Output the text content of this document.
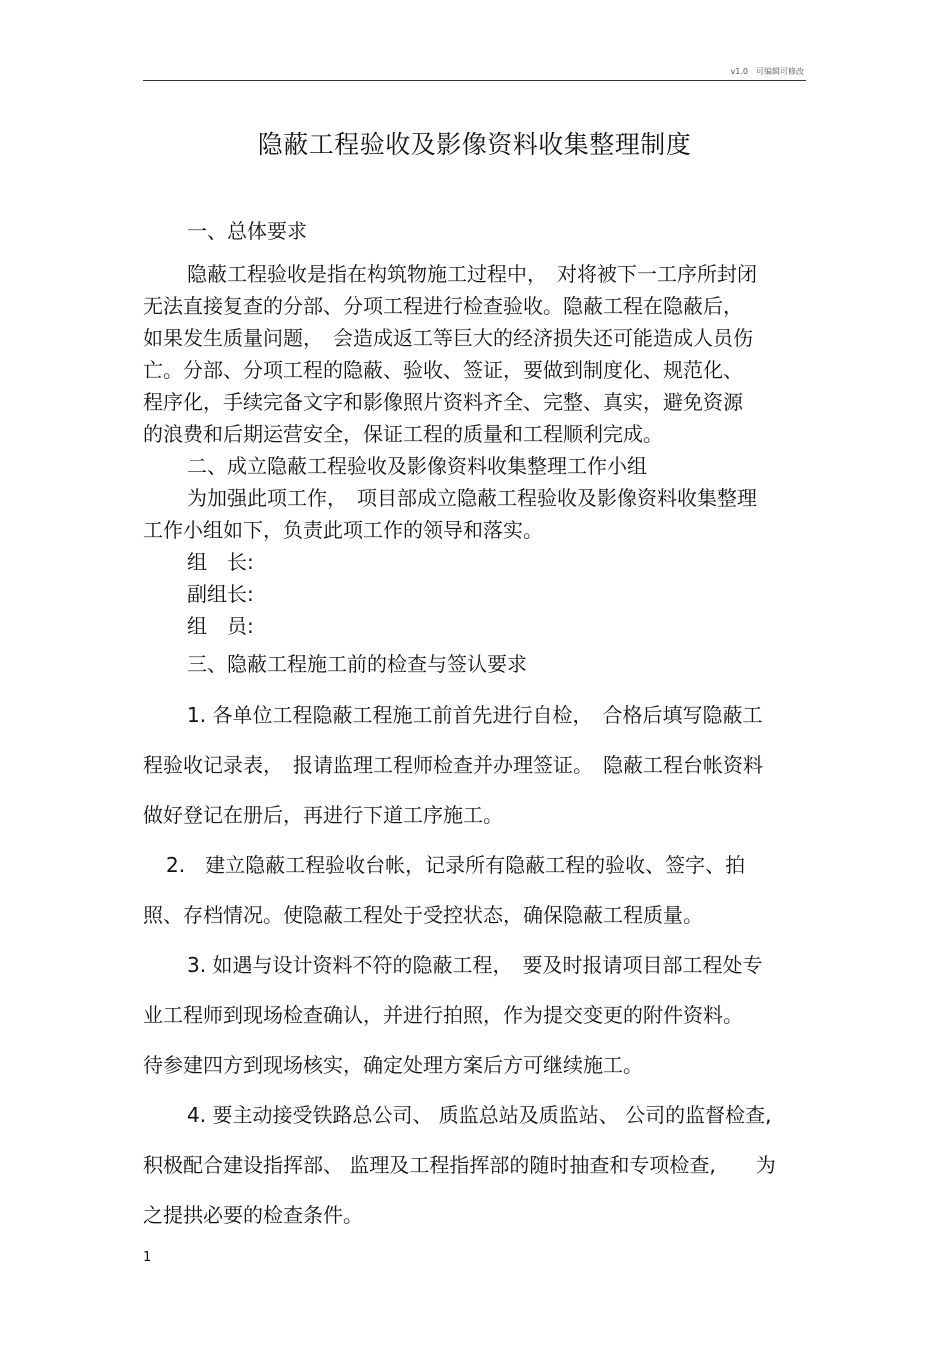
v1.0　可编辑可修改
隐蔽工程验收及影像资料收集整理制度
一、总体要求
隐蔽工程验收是指在构筑物施工过程中，　对将被下一工序所封闭
无法直接复查的分部、分项工程进行检查验收。隐蔽工程在隐蔽后，
如果发生质量问题，　会造成返工等巨大的经济损失还可能造成人员伤
亡。分部、分项工程的隐蔽、验收、签证，要做到制度化、规范化、
程序化，手续完备文字和影像照片资料齐全、完整、真实，避免资源
的浪费和后期运营安全，保证工程的质量和工程顺利完成。
二、成立隐蔽工程验收及影像资料收集整理工作小组
为加强此项工作，　项目部成立隐蔽工程验收及影像资料收集整理
工作小组如下，负责此项工作的领导和落实。
组　长:
副组长:
组　员:
三、隐蔽工程施工前的检查与签认要求
1. 各单位工程隐蔽工程施工前首先进行自检，　合格后填写隐蔽工
程验收记录表，　报请监理工程师检查并办理签证。　隐蔽工程台帐资料
做好登记在册后，再进行下道工序施工。
2.　建立隐蔽工程验收台帐，记录所有隐蔽工程的验收、签字、拍
照、存档情况。使隐蔽工程处于受控状态，确保隐蔽工程质量。
3. 如遇与设计资料不符的隐蔽工程，　要及时报请项目部工程处专
业工程师到现场检查确认，并进行拍照，作为提交变更的附件资料。
待参建四方到现场核实，确定处理方案后方可继续施工。
4. 要主动接受铁路总公司、 质监总站及质监站、 公司的监督检查,
积极配合建设指挥部、 监理及工程指挥部的随时抽查和专项检查,　　为
之提拱必要的检查条件。
1
